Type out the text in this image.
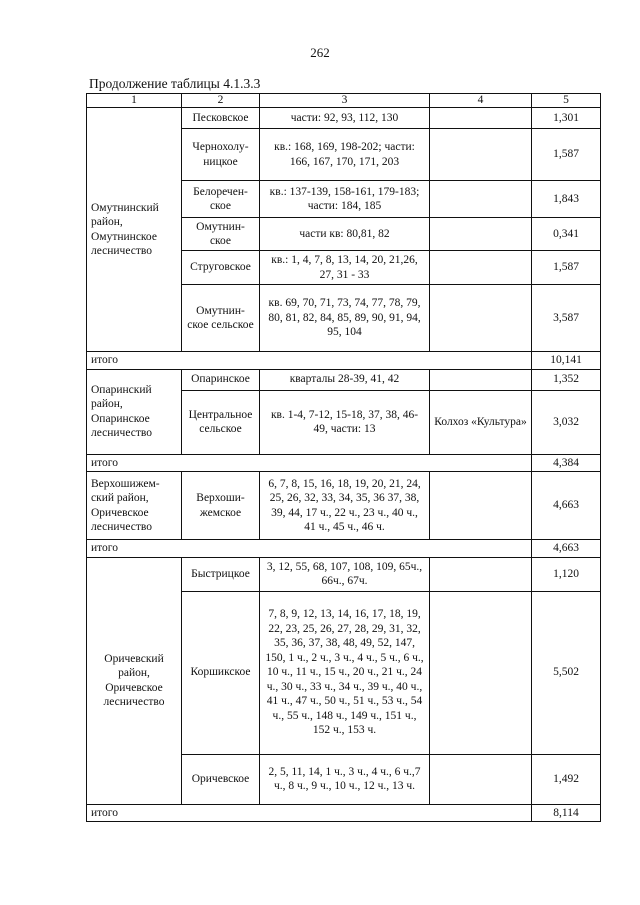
262
Продолжение таблицы 4.1.3.3
1	2	3	4	5
Омутнинский район, Омутнинское лесничество	Песковское	части: 92, 93, 112, 130		1,301
	Чернохолу-ницкое	кв.: 168, 169, 198-202; части: 166, 167, 170, 171, 203		1,587
	Белоречен-ское	кв.: 137-139, 158-161, 179-183; части: 184, 185		1,843
	Омутнин-ское	части кв: 80,81, 82		0,341
	Струговское	кв.: 1, 4, 7, 8, 13, 14, 20, 21,26, 27, 31 - 33		1,587
	Омутнин-ское сельское	кв. 69, 70, 71, 73, 74, 77, 78, 79, 80, 81, 82, 84, 85, 89, 90, 91, 94, 95, 104		3,587
итого				10,141
Опаринский район, Опаринское лесничество	Опаринское	кварталы 28-39, 41, 42		1,352
	Центральное сельское	кв. 1-4, 7-12, 15-18, 37, 38, 46-49, части: 13	Колхоз «Культура»	3,032
итого				4,384
Верхошижем-ский район, Оричевское лесничество	Верхоши-жемское	6, 7, 8, 15, 16, 18, 19, 20, 21, 24, 25, 26, 32, 33, 34, 35, 36 37, 38, 39, 44, 17 ч., 22 ч., 23 ч., 40 ч., 41 ч., 45 ч., 46 ч.		4,663
итого				4,663
Оричевский район, Оричевское лесничество	Быстрицкое	3, 12, 55, 68, 107, 108, 109, 65ч., 66ч., 67ч.		1,120
	Коршикское	7, 8, 9, 12, 13, 14, 16, 17, 18, 19, 22, 23, 25, 26, 27, 28, 29, 31, 32, 35, 36, 37, 38, 48, 49, 52, 147, 150, 1 ч., 2 ч., 3 ч., 4 ч., 5 ч., 6 ч., 10 ч., 11 ч., 15 ч., 20 ч., 21 ч., 24 ч., 30 ч., 33 ч., 34 ч., 39 ч., 40 ч., 41 ч., 47 ч., 50 ч., 51 ч., 53 ч., 54 ч., 55 ч., 148 ч., 149 ч., 151 ч., 152 ч., 153 ч.		5,502
	Оричевское	2, 5, 11, 14, 1 ч., 3 ч., 4 ч., 6 ч.,7 ч., 8 ч., 9 ч., 10 ч., 12 ч., 13 ч.		1,492
итого				8,114
